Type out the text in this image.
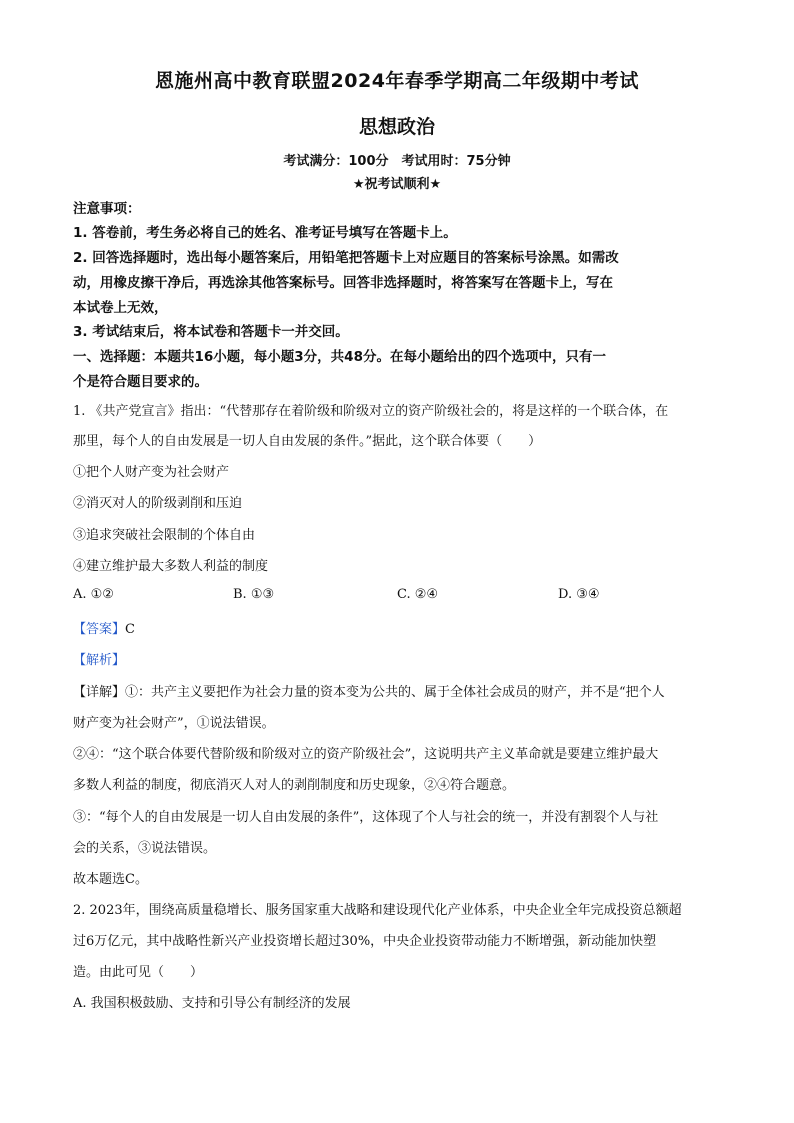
恩施州高中教育联盟2024年春季学期高二年级期中考试
思想政治
考试满分：100分　考试用时：75分钟
★祝考试顺利★
注意事项：
1. 答卷前，考生务必将自己的姓名、准考证号填写在答题卡上。
2. 回答选择题时，选出每小题答案后，用铅笔把答题卡上对应题目的答案标号涂黑。如需改
动，用橡皮擦干净后，再选涂其他答案标号。回答非选择题时，将答案写在答题卡上，写在
本试卷上无效，
3. 考试结束后，将本试卷和答题卡一并交回。
一、选择题：本题共16小题，每小题3分，共48分。在每小题给出的四个选项中，只有一
个是符合题目要求的。
1. 《共产党宣言》指出：“代替那存在着阶级和阶级对立的资产阶级社会的，将是这样的一个联合体，在
那里，每个人的自由发展是一切人自由发展的条件。”据此，这个联合体要（　　）
①把个人财产变为社会财产
②消灭对人的阶级剥削和压迫
③追求突破社会限制的个体自由
④建立维护最大多数人利益的制度
A. ①②	B. ①③	C. ②④	D. ③④
【答案】C
【解析】
【详解】①：共产主义要把作为社会力量的资本变为公共的、属于全体社会成员的财产，并不是“把个人
财产变为社会财产”，①说法错误。
②④：“这个联合体要代替阶级和阶级对立的资产阶级社会”，这说明共产主义革命就是要建立维护最大
多数人利益的制度，彻底消灭人对人的剥削制度和历史现象，②④符合题意。
③：“每个人的自由发展是一切人自由发展的条件”，这体现了个人与社会的统一，并没有割裂个人与社
会的关系，③说法错误。
故本题选C。
2. 2023年，围绕高质量稳增长、服务国家重大战略和建设现代化产业体系，中央企业全年完成投资总额超
过6万亿元，其中战略性新兴产业投资增长超过30%，中央企业投资带动能力不断增强，新动能加快塑
造。由此可见（　　）
A. 我国积极鼓励、支持和引导公有制经济的发展
